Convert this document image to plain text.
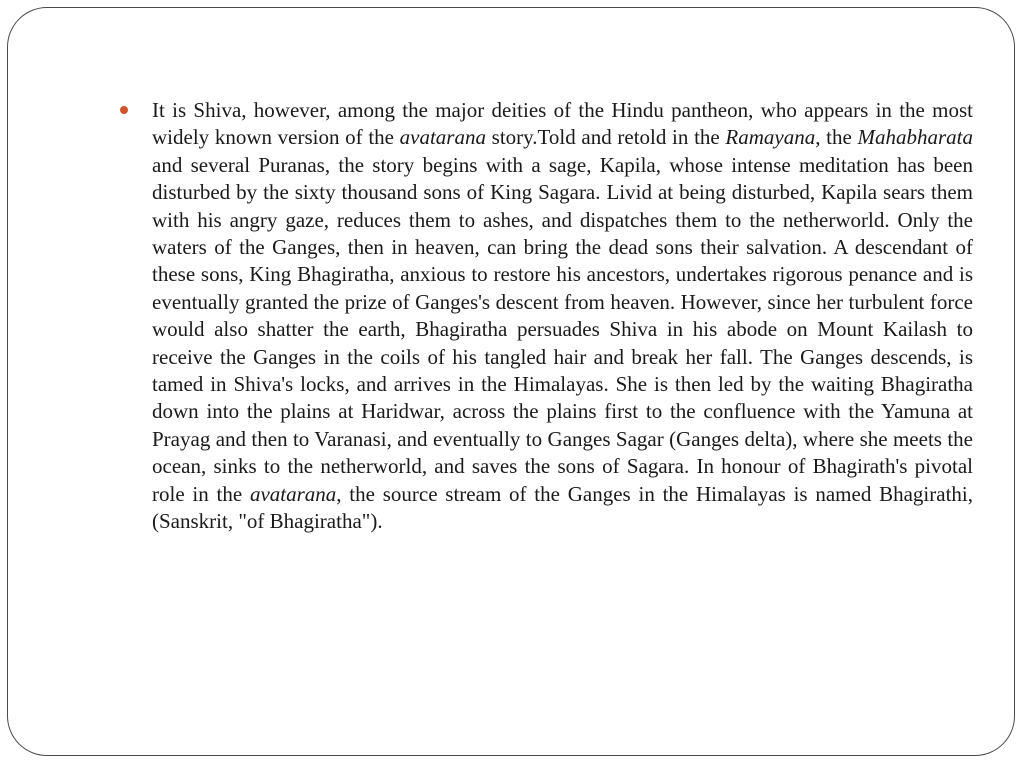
It is Shiva, however, among the major deities of the Hindu pantheon, who appears in the most widely known version of the avatarana story.Told and retold in the Ramayana, the Mahabharata and several Puranas, the story begins with a sage, Kapila, whose intense meditation has been disturbed by the sixty thousand sons of King Sagara. Livid at being disturbed, Kapila sears them with his angry gaze, reduces them to ashes, and dispatches them to the netherworld. Only the waters of the Ganges, then in heaven, can bring the dead sons their salvation. A descendant of these sons, King Bhagiratha, anxious to restore his ancestors, undertakes rigorous penance and is eventually granted the prize of Ganges's descent from heaven. However, since her turbulent force would also shatter the earth, Bhagiratha persuades Shiva in his abode on Mount Kailash to receive the Ganges in the coils of his tangled hair and break her fall. The Ganges descends, is tamed in Shiva's locks, and arrives in the Himalayas. She is then led by the waiting Bhagiratha down into the plains at Haridwar, across the plains first to the confluence with the Yamuna at Prayag and then to Varanasi, and eventually to Ganges Sagar (Ganges delta), where she meets the ocean, sinks to the netherworld, and saves the sons of Sagara. In honour of Bhagirath's pivotal role in the avatarana, the source stream of the Ganges in the Himalayas is named Bhagirathi, (Sanskrit, "of Bhagiratha").
